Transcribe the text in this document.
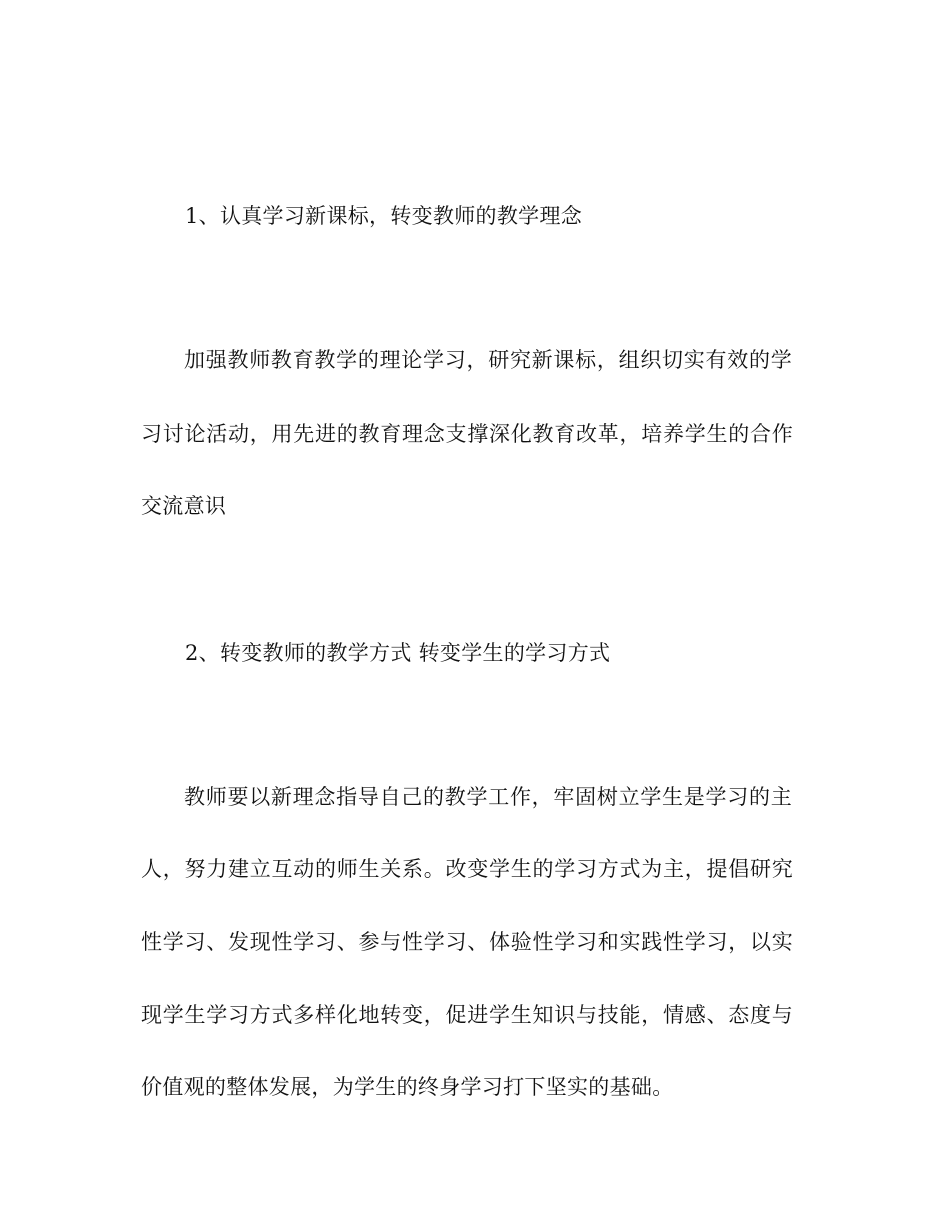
1、认真学习新课标，转变教师的教学理念
加强教师教育教学的理论学习，研究新课标，组织切实有效的学
习讨论活动，用先进的教育理念支撑深化教育改革，培养学生的合作
交流意识
2、转变教师的教学方式 转变学生的学习方式
教师要以新理念指导自己的教学工作，牢固树立学生是学习的主
人，努力建立互动的师生关系。改变学生的学习方式为主，提倡研究
性学习、发现性学习、参与性学习、体验性学习和实践性学习，以实
现学生学习方式多样化地转变，促进学生知识与技能，情感、态度与
价值观的整体发展，为学生的终身学习打下坚实的基础。
